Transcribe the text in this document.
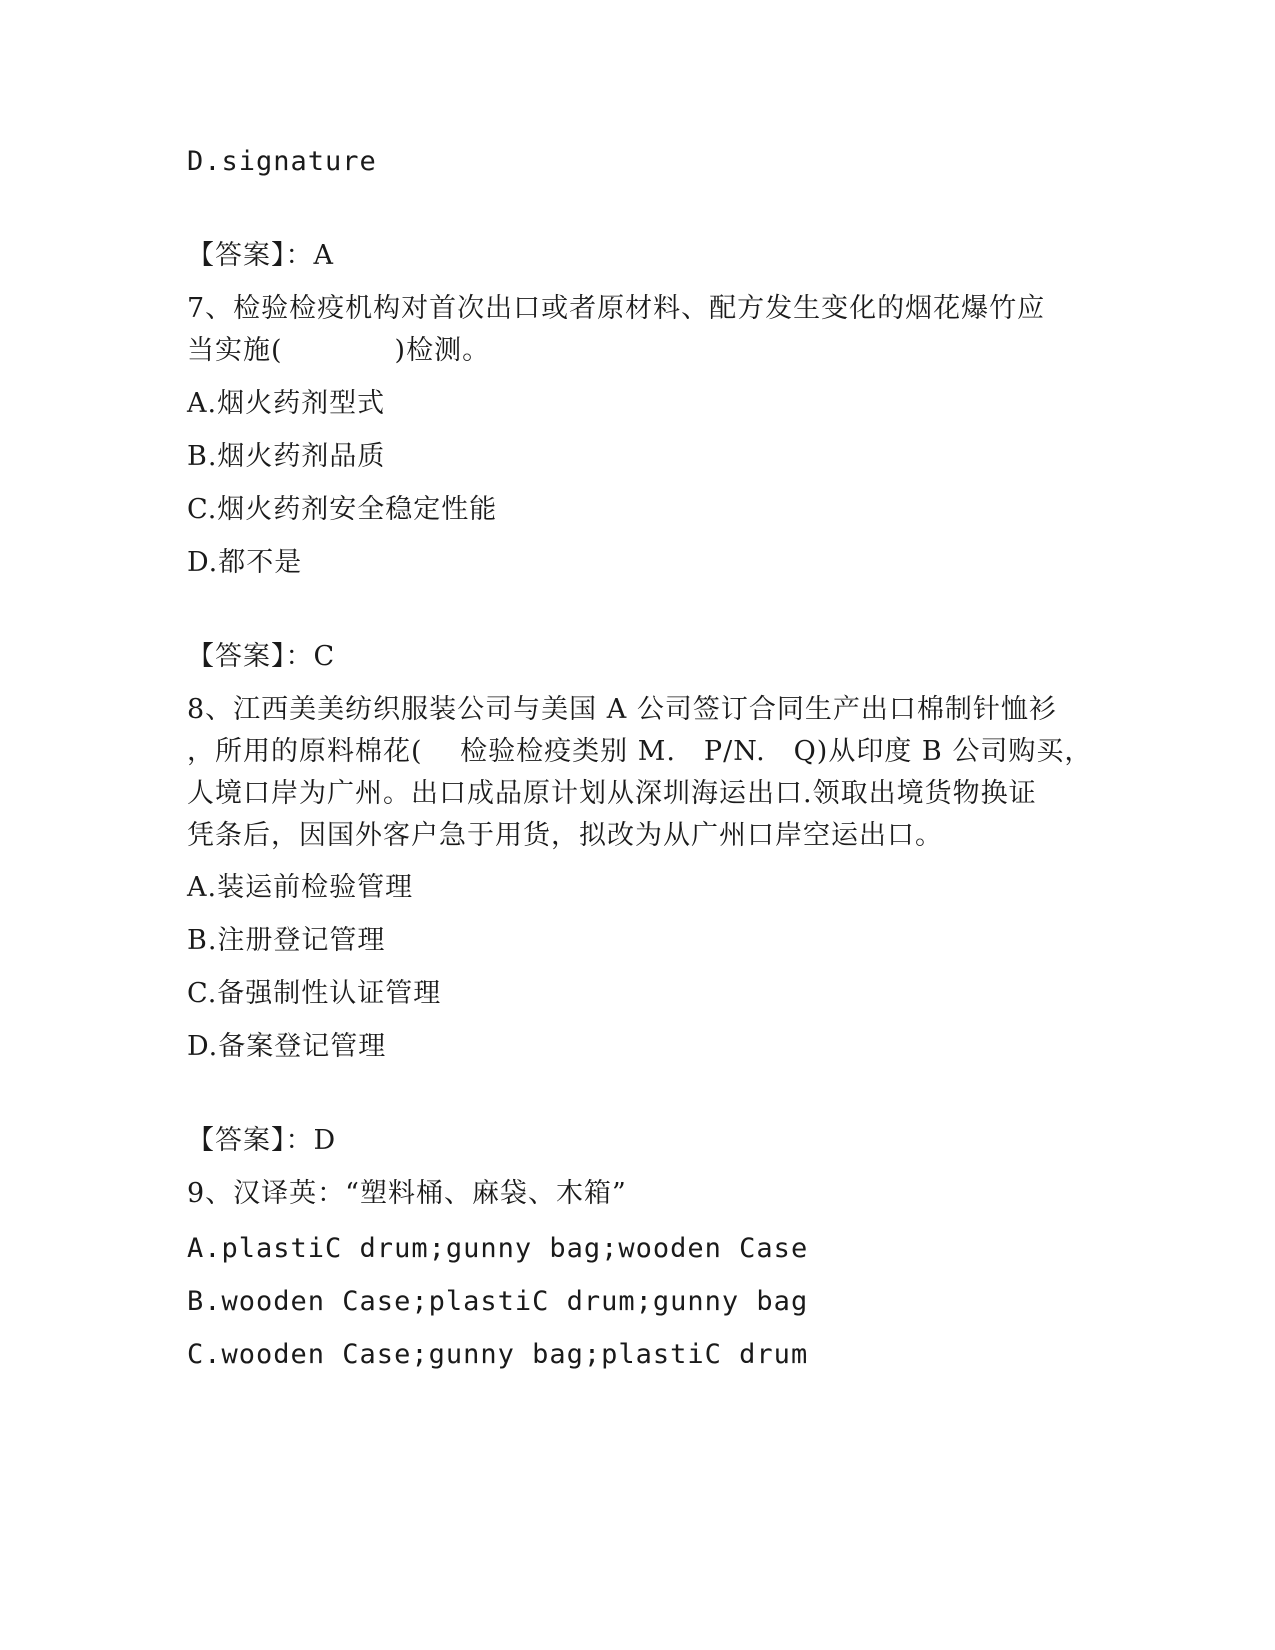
D.signature
【答案】：A
7、检验检疫机构对首次出口或者原材料、配方发生变化的烟花爆竹应
当实施(　　　　)检测。
A.烟火药剂型式
B.烟火药剂品质
C.烟火药剂安全稳定性能
D.都不是
【答案】：C
8、江西美美纺织服装公司与美国 A 公司签订合同生产出口棉制针恤衫
，所用的原料棉花(　 检验检疫类别 M.　P/N.　Q)从印度 B 公司购买，
人境口岸为广州。出口成品原计划从深圳海运出口.领取出境货物换证
凭条后，因国外客户急于用货，拟改为从广州口岸空运出口。
A.装运前检验管理
B.注册登记管理
C.备强制性认证管理
D.备案登记管理
【答案】：D
9、汉译英：“塑料桶、麻袋、木箱”
A.plastiC drum;gunny bag;wooden Case
B.wooden Case;plastiC drum;gunny bag
C.wooden Case;gunny bag;plastiC drum
